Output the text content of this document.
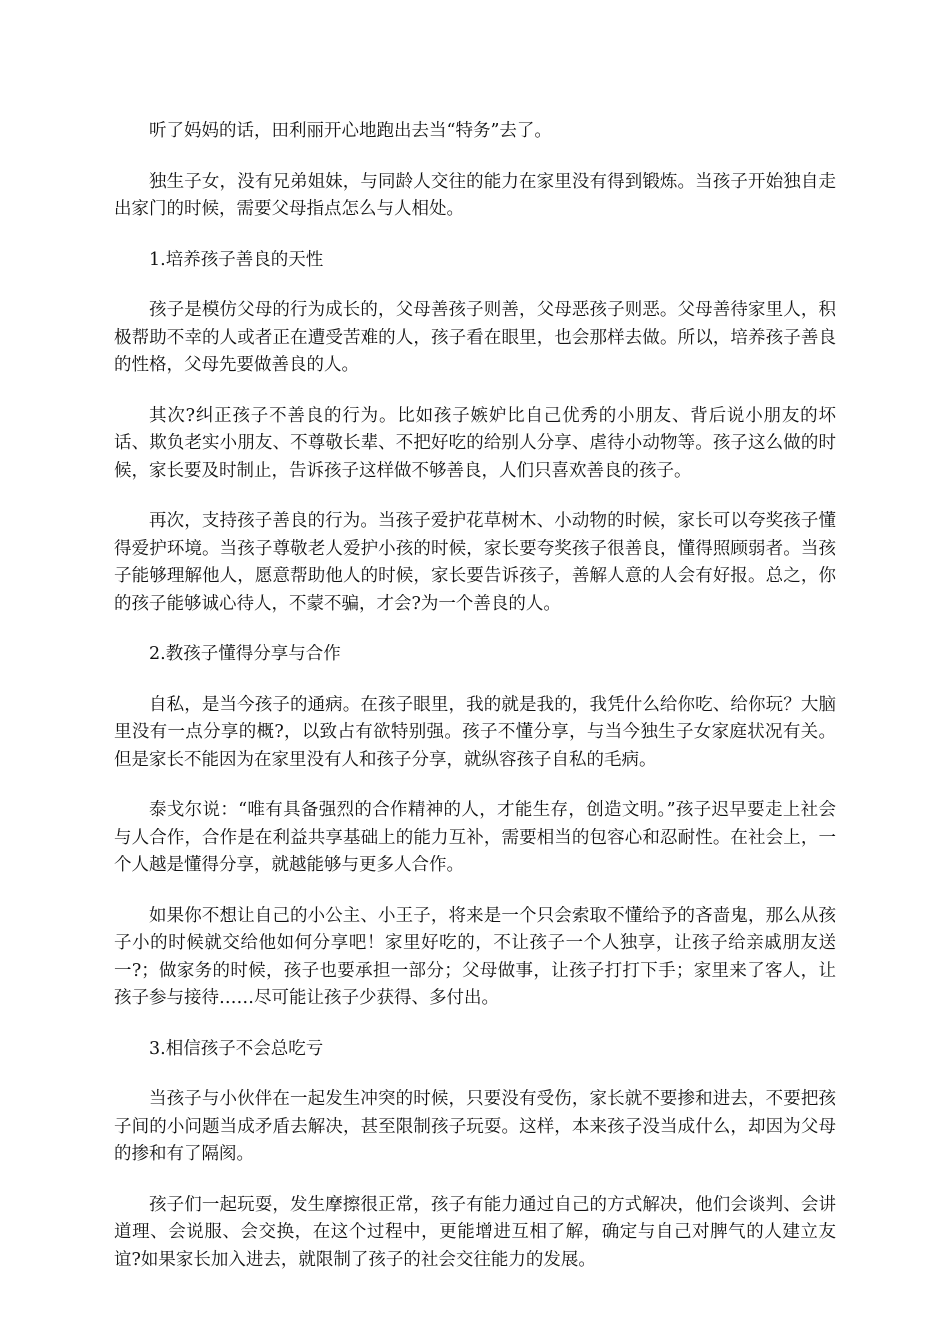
听了妈妈的话，田利丽开心地跑出去当“特务”去了。

独生子女，没有兄弟姐妹，与同龄人交往的能力在家里没有得到锻炼。当孩子开始独自走出家门的时候，需要父母指点怎么与人相处。

1.培养孩子善良的天性

孩子是模仿父母的行为成长的，父母善孩子则善，父母恶孩子则恶。父母善待家里人，积极帮助不幸的人或者正在遭受苦难的人，孩子看在眼里，也会那样去做。所以，培养孩子善良的性格，父母先要做善良的人。

其次?纠正孩子不善良的行为。比如孩子嫉妒比自己优秀的小朋友、背后说小朋友的坏话、欺负老实小朋友、不尊敬长辈、不把好吃的给别人分享、虐待小动物等。孩子这么做的时候，家长要及时制止，告诉孩子这样做不够善良，人们只喜欢善良的孩子。

再次，支持孩子善良的行为。当孩子爱护花草树木、小动物的时候，家长可以夸奖孩子懂得爱护环境。当孩子尊敬老人爱护小孩的时候，家长要夸奖孩子很善良，懂得照顾弱者。当孩子能够理解他人，愿意帮助他人的时候，家长要告诉孩子，善解人意的人会有好报。总之，你的孩子能够诚心待人，不蒙不骗，才会?为一个善良的人。

2.教孩子懂得分享与合作

自私，是当今孩子的通病。在孩子眼里，我的就是我的，我凭什么给你吃、给你玩？大脑里没有一点分享的概?，以致占有欲特别强。孩子不懂分享，与当今独生子女家庭状况有关。但是家长不能因为在家里没有人和孩子分享，就纵容孩子自私的毛病。

泰戈尔说：“唯有具备强烈的合作精神的人，才能生存，创造文明。”孩子迟早要走上社会与人合作，合作是在利益共享基础上的能力互补，需要相当的包容心和忍耐性。在社会上，一个人越是懂得分享，就越能够与更多人合作。

如果你不想让自己的小公主、小王子，将来是一个只会索取不懂给予的吝啬鬼，那么从孩子小的时候就交给他如何分享吧！家里好吃的，不让孩子一个人独享，让孩子给亲戚朋友送一?；做家务的时候，孩子也要承担一部分；父母做事，让孩子打打下手；家里来了客人，让孩子参与接待……尽可能让孩子少获得、多付出。

3.相信孩子不会总吃亏

当孩子与小伙伴在一起发生冲突的时候，只要没有受伤，家长就不要掺和进去，不要把孩子间的小问题当成矛盾去解决，甚至限制孩子玩耍。这样，本来孩子没当成什么，却因为父母的掺和有了隔阂。

孩子们一起玩耍，发生摩擦很正常，孩子有能力通过自己的方式解决，他们会谈判、会讲道理、会说服、会交换，在这个过程中，更能增进互相了解，确定与自己对脾气的人建立友谊?如果家长加入进去，就限制了孩子的社会交往能力的发展。
